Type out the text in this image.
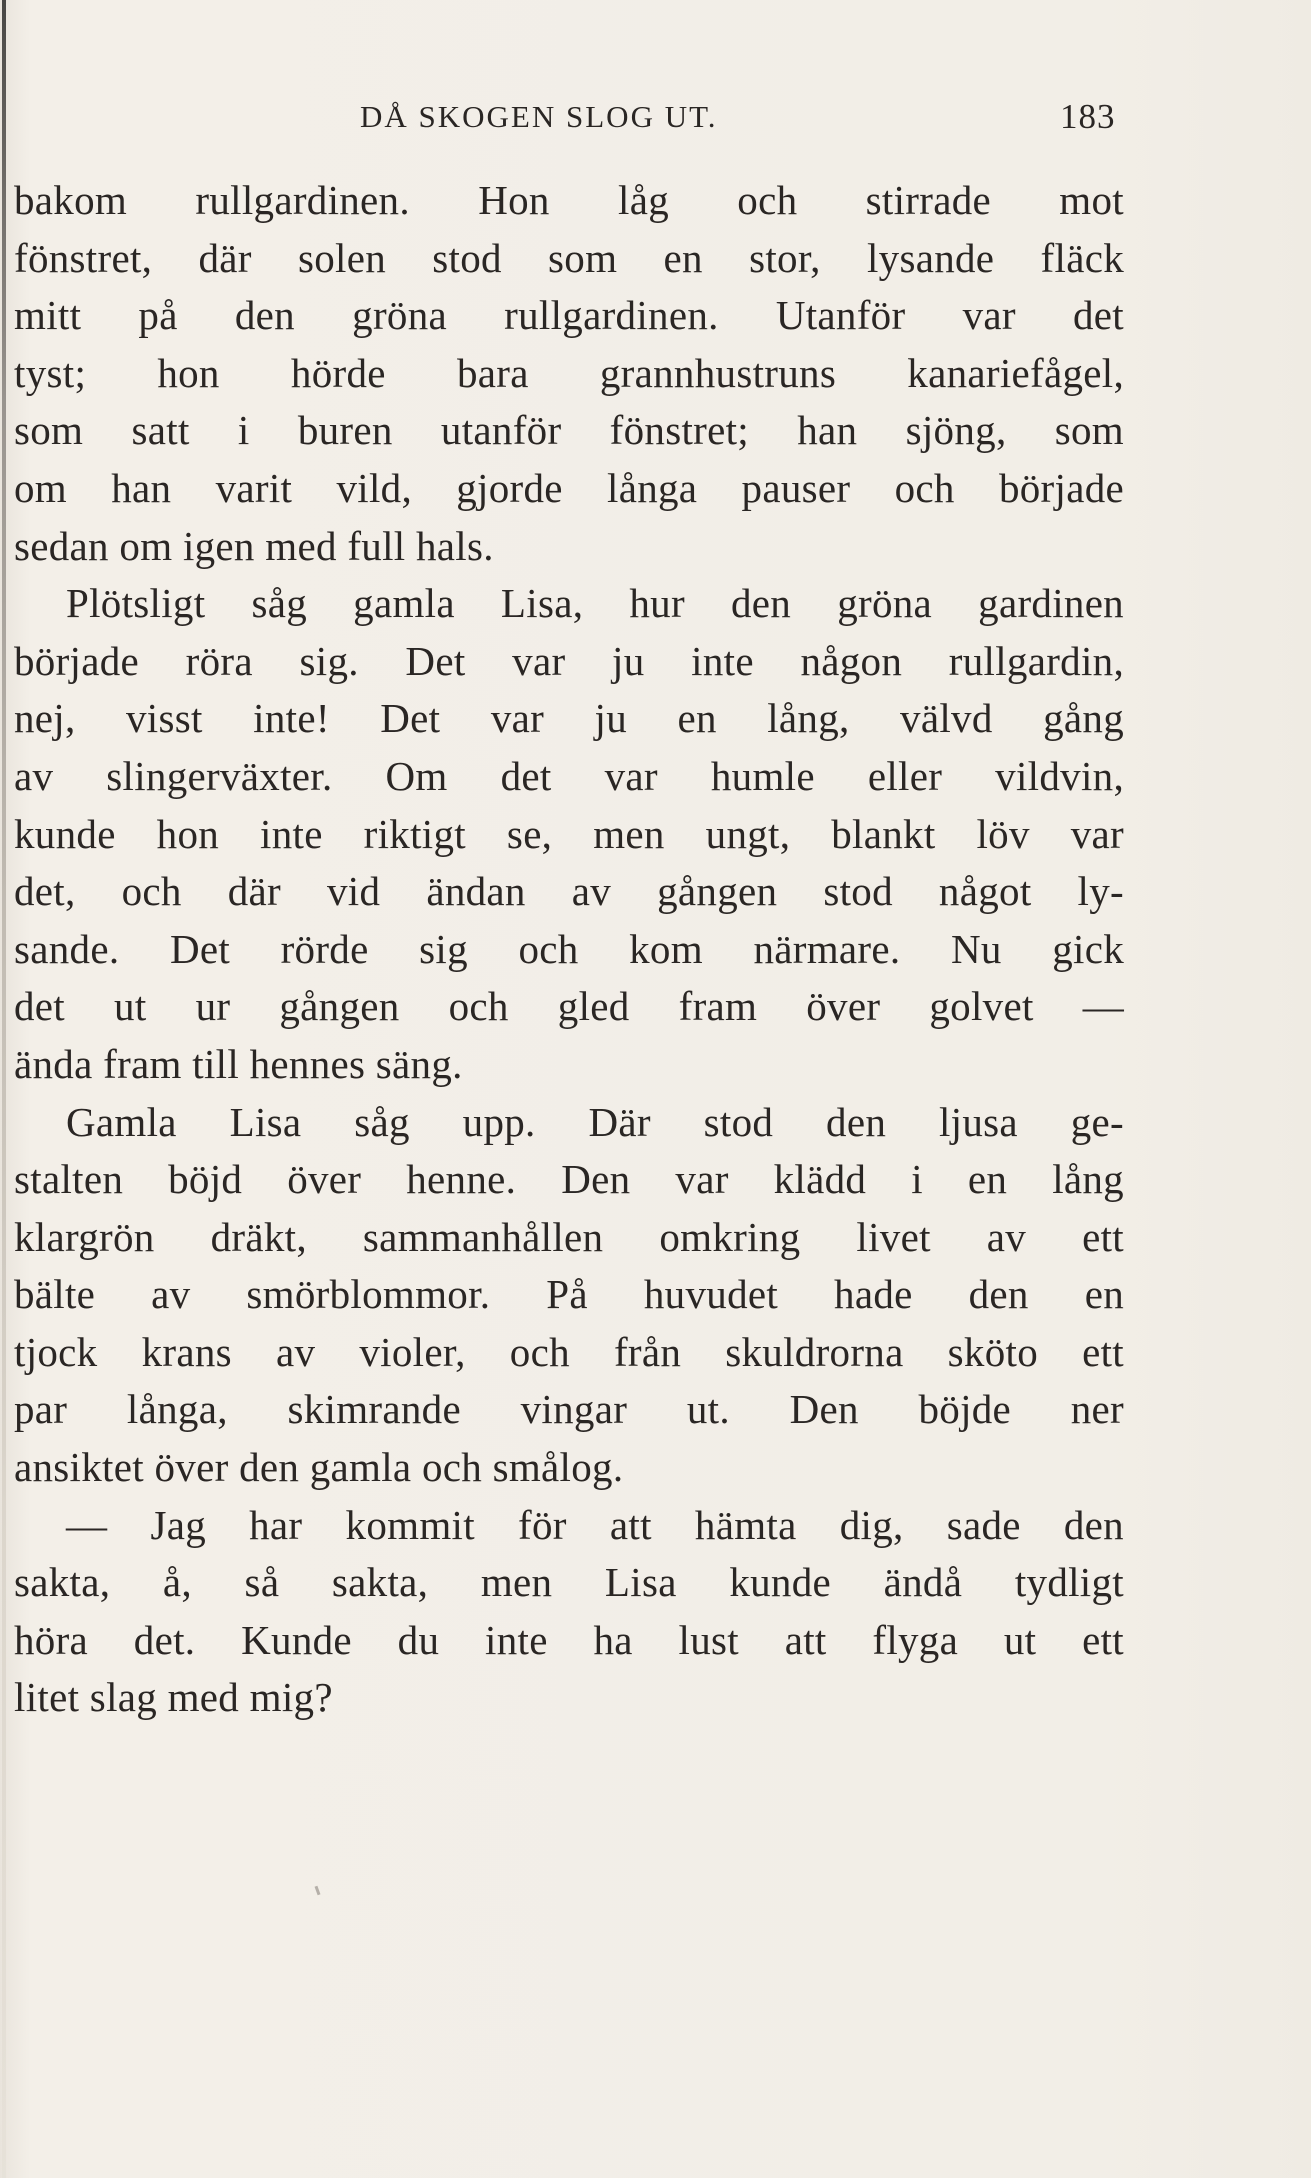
DÅ SKOGEN SLOG UT.	183
bakom rullgardinen. Hon låg och stirrade mot
fönstret, där solen stod som en stor, lysande fläck
mitt på den gröna rullgardinen. Utanför var det
tyst; hon hörde bara grannhustruns kanariefågel,
som satt i buren utanför fönstret; han sjöng, som
om han varit vild, gjorde långa pauser och började
sedan om igen med full hals.
Plötsligt såg gamla Lisa, hur den gröna gardinen
började röra sig. Det var ju inte någon rullgardin,
nej, visst inte! Det var ju en lång, välvd gång
av slingerväxter. Om det var humle eller vildvin,
kunde hon inte riktigt se, men ungt, blankt löv var
det, och där vid ändan av gången stod något ly-
sande. Det rörde sig och kom närmare. Nu gick
det ut ur gången och gled fram över golvet —
ända fram till hennes säng.
Gamla Lisa såg upp. Där stod den ljusa ge-
stalten böjd över henne. Den var klädd i en lång
klargrön dräkt, sammanhållen omkring livet av ett
bälte av smörblommor. På huvudet hade den en
tjock krans av violer, och från skuldrorna sköto ett
par långa, skimrande vingar ut. Den böjde ner
ansiktet över den gamla och smålog.
— Jag har kommit för att hämta dig, sade den
sakta, å, så sakta, men Lisa kunde ändå tydligt
höra det. Kunde du inte ha lust att flyga ut ett
litet slag med mig?
